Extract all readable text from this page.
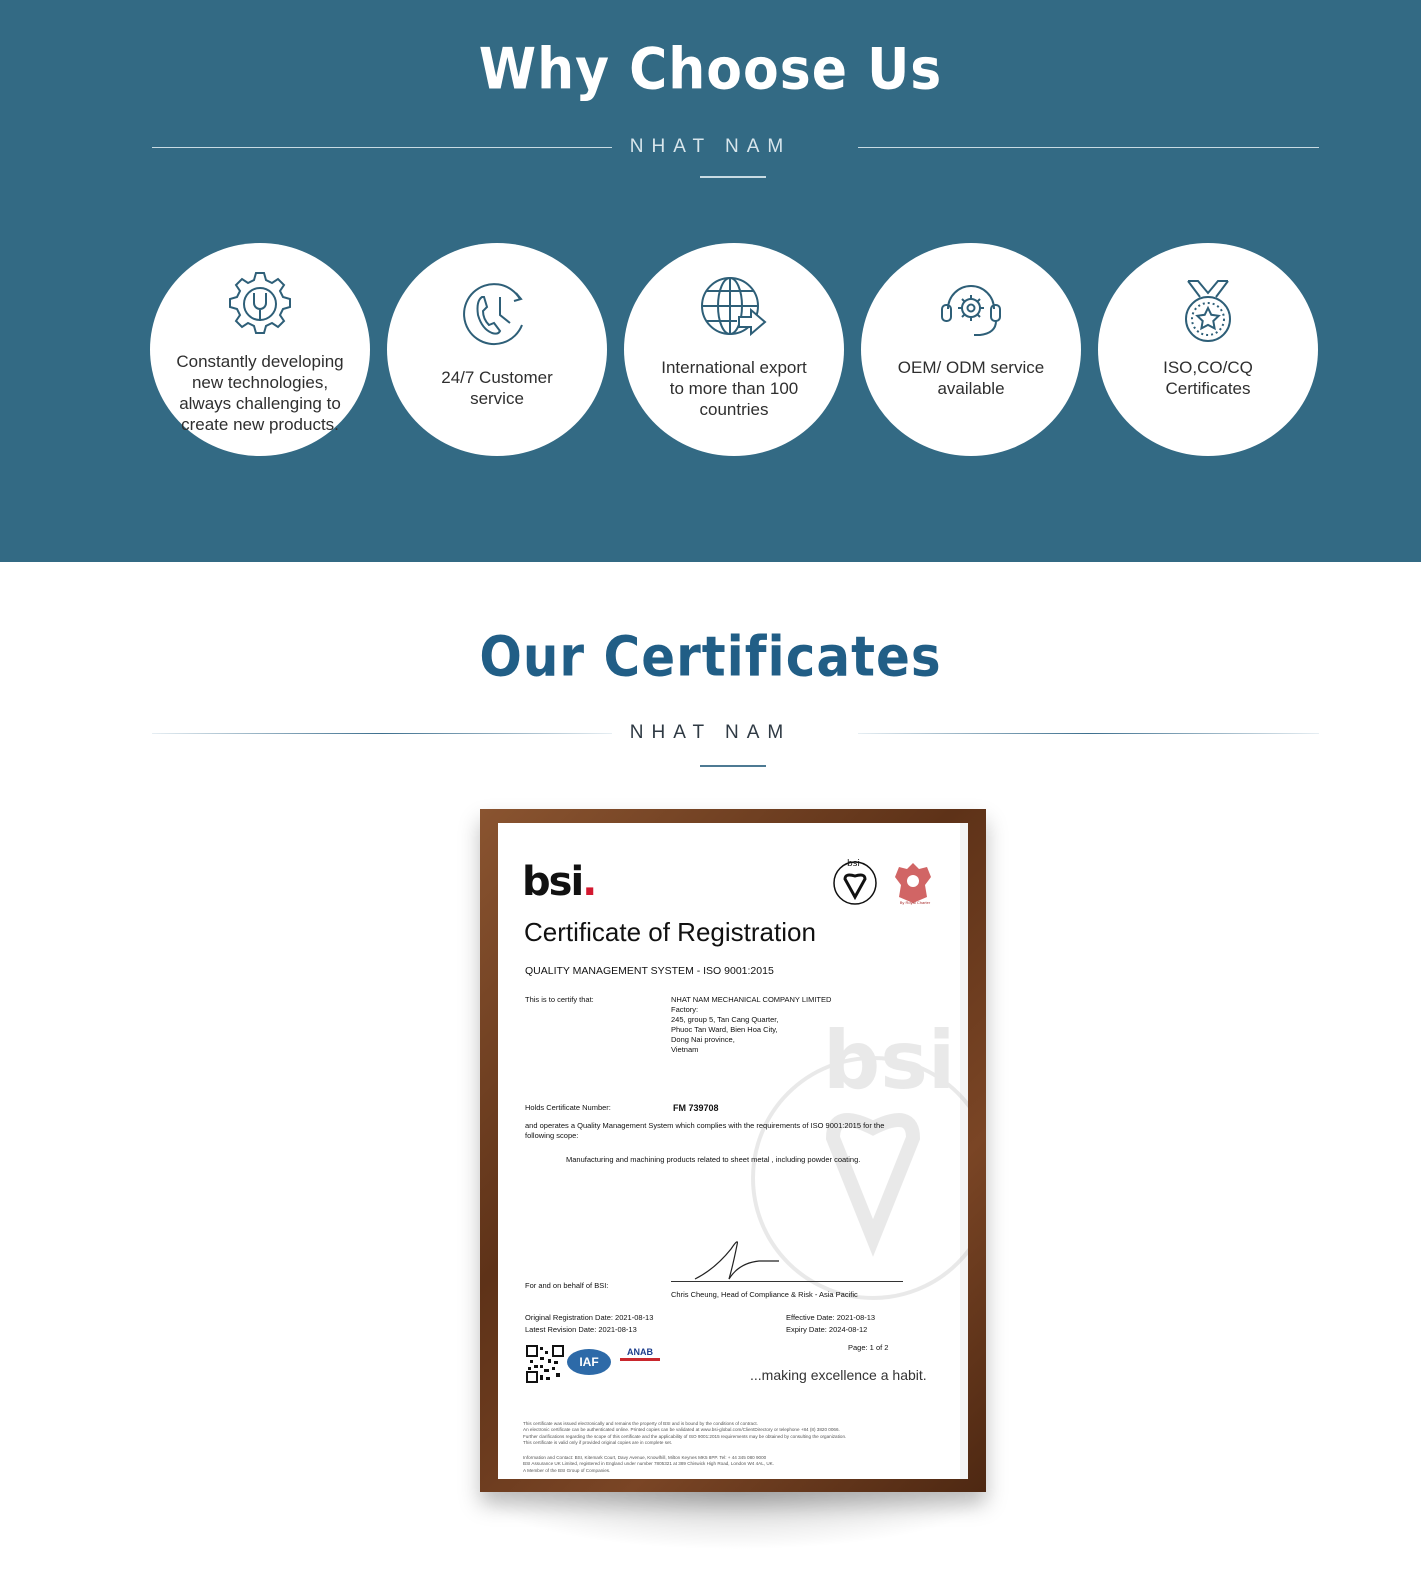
Why Choose Us
NHAT NAM
Constantly developing
new technologies,
always challenging to
create new products.
24/7 Customer
service
International export
to more than 100
countries
OEM/ ODM service
available
ISO,CO/CQ
Certificates
Our Certificates
NHAT NAM
bsi
bsi.	bsi
By Royal Charter
Certificate of Registration
QUALITY MANAGEMENT SYSTEM - ISO 9001:2015
This is to certify that:	NHAT NAM MECHANICAL COMPANY LIMITED
Factory:
245, group 5, Tan Cang Quarter,
Phuoc Tan Ward, Bien Hoa City,
Dong Nai province,
Vietnam
Holds Certificate Number:	FM 739708
and operates a Quality Management System which complies with the requirements of ISO 9001:2015 for the
following scope:
Manufacturing and machining products related to sheet metal , including powder coating.
For and on behalf of BSI:
Chris Cheung, Head of Compliance & Risk - Asia Pacific
Original Registration Date: 2021-08-13
Latest Revision Date: 2021-08-13
Effective Date: 2021-08-13
Expiry Date: 2024-08-12
Page: 1 of 2
IAF
ANAB
...making excellence a habit.
This certificate was issued electronically and remains the property of BSI and is bound by the conditions of contract.
An electronic certificate can be authenticated online. Printed copies can be validated at www.bsi-global.com/ClientDirectory or telephone +84 (8) 3820 0066.
Further clarifications regarding the scope of this certificate and the applicability of ISO 9001:2015 requirements may be obtained by consulting the organization.
This certificate is valid only if provided original copies are in complete set.
Information and Contact: BSI, Kitemark Court, Davy Avenue, Knowlhill, Milton Keynes MK5 8PP. Tel: + 44 345 080 9000
BSI Assurance UK Limited, registered in England under number 7805321 at 389 Chiswick High Road, London W4 4AL, UK.
A Member of the BSI Group of Companies.
